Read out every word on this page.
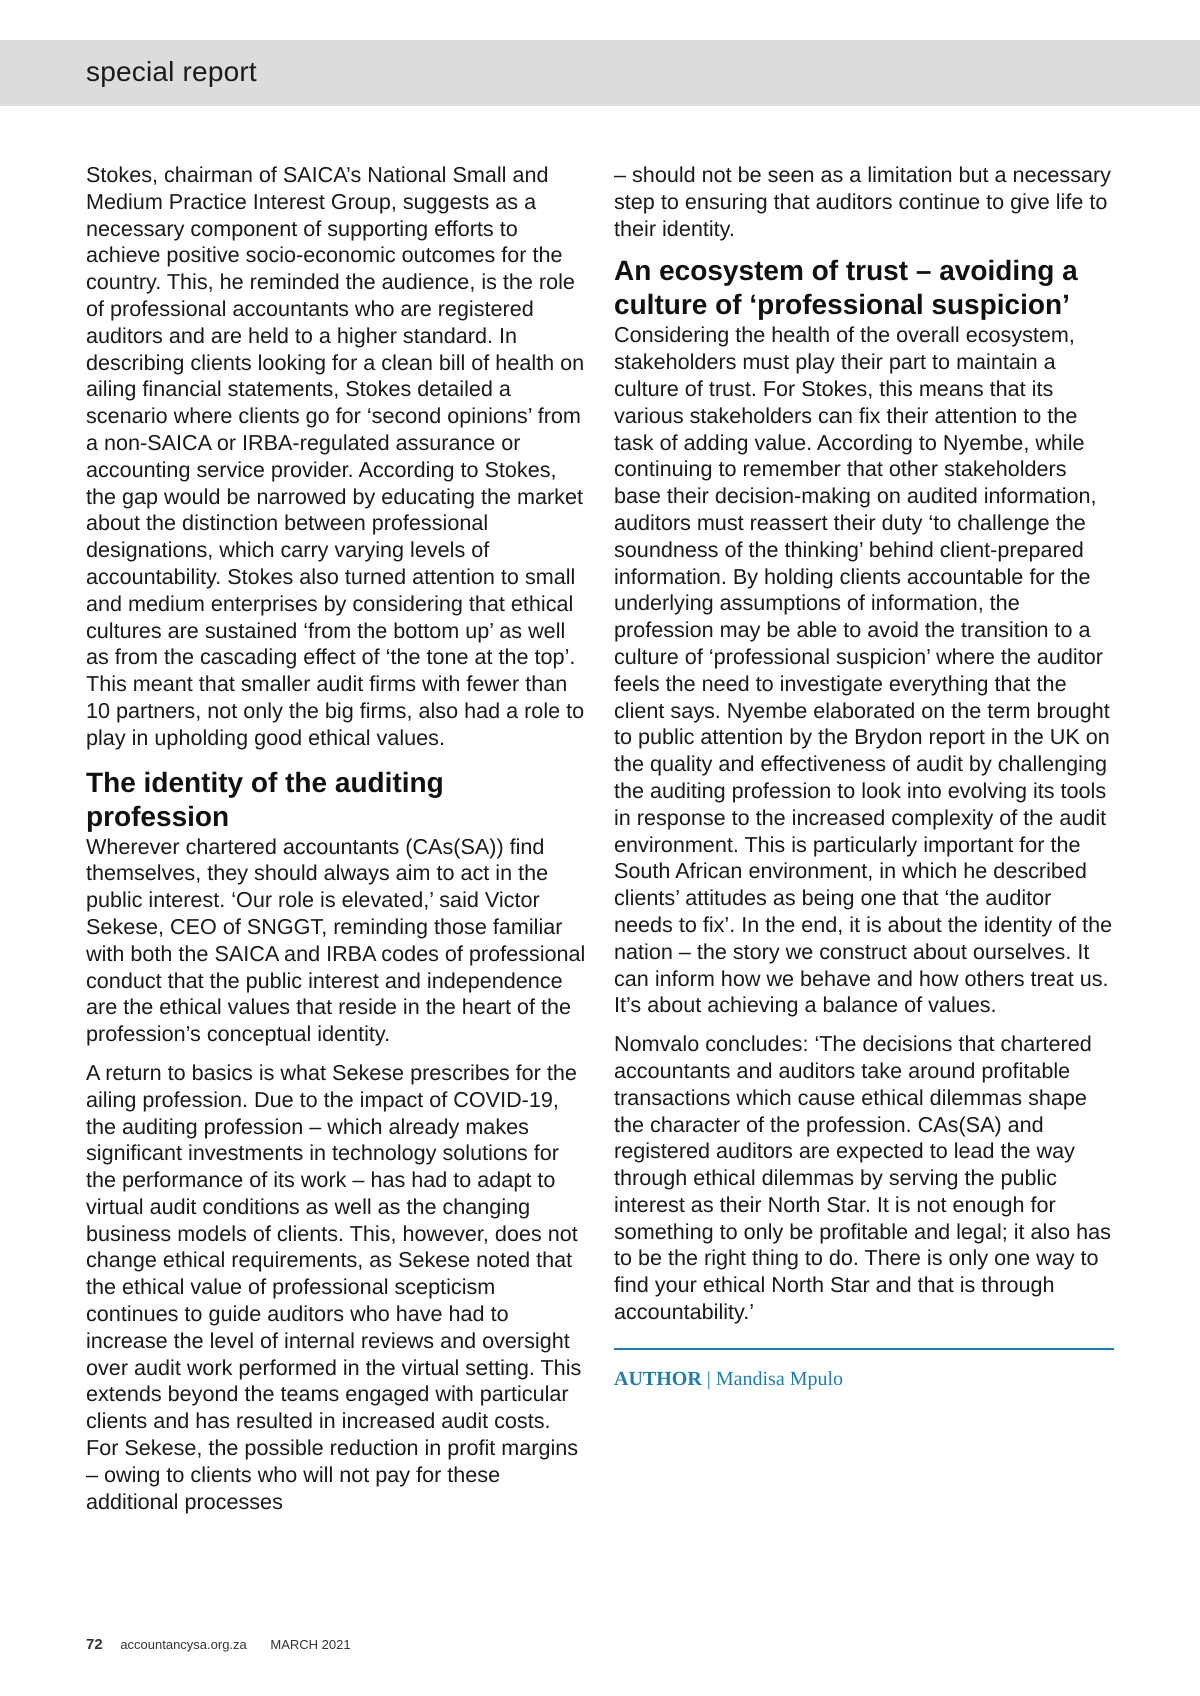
special report

Stokes, chairman of SAICA’s National Small and Medium Practice Interest Group, suggests as a necessary component of supporting efforts to achieve positive socio-economic outcomes for the country. This, he reminded the audience, is the role of professional accountants who are registered auditors and are held to a higher standard. In describing clients looking for a clean bill of health on ailing financial statements, Stokes detailed a scenario where clients go for ‘second opinions’ from a non-SAICA or IRBA-regulated assurance or accounting service provider. According to Stokes, the gap would be narrowed by educating the market about the distinction between professional designations, which carry varying levels of accountability. Stokes also turned attention to small and medium enterprises by considering that ethical cultures are sustained ‘from the bottom up’ as well as from the cascading effect of ‘the tone at the top’. This meant that smaller audit firms with fewer than 10 partners, not only the big firms, also had a role to play in upholding good ethical values.

The identity of the auditing profession

Wherever chartered accountants (CAs(SA)) find themselves, they should always aim to act in the public interest. ‘Our role is elevated,’ said Victor Sekese, CEO of SNGGT, reminding those familiar with both the SAICA and IRBA codes of professional conduct that the public interest and independence are the ethical values that reside in the heart of the profession’s conceptual identity.

A return to basics is what Sekese prescribes for the ailing profession. Due to the impact of COVID-19, the auditing profession – which already makes significant investments in technology solutions for the performance of its work – has had to adapt to virtual audit conditions as well as the changing business models of clients. This, however, does not change ethical requirements, as Sekese noted that the ethical value of professional scepticism continues to guide auditors who have had to increase the level of internal reviews and oversight over audit work performed in the virtual setting. This extends beyond the teams engaged with particular clients and has resulted in increased audit costs. For Sekese, the possible reduction in profit margins – owing to clients who will not pay for these additional processes

– should not be seen as a limitation but a necessary step to ensuring that auditors continue to give life to their identity.

An ecosystem of trust – avoiding a culture of ‘professional suspicion’

Considering the health of the overall ecosystem, stakeholders must play their part to maintain a culture of trust. For Stokes, this means that its various stakeholders can fix their attention to the task of adding value. According to Nyembe, while continuing to remember that other stakeholders base their decision-making on audited information, auditors must reassert their duty ‘to challenge the soundness of the thinking’ behind client-prepared information. By holding clients accountable for the underlying assumptions of information, the profession may be able to avoid the transition to a culture of ‘professional suspicion’ where the auditor feels the need to investigate everything that the client says. Nyembe elaborated on the term brought to public attention by the Brydon report in the UK on the quality and effectiveness of audit by challenging the auditing profession to look into evolving its tools in response to the increased complexity of the audit environment. This is particularly important for the South African environment, in which he described clients’ attitudes as being one that ‘the auditor needs to fix’. In the end, it is about the identity of the nation – the story we construct about ourselves. It can inform how we behave and how others treat us. It’s about achieving a balance of values.

Nomvalo concludes: ‘The decisions that chartered accountants and auditors take around profitable transactions which cause ethical dilemmas shape the character of the profession. CAs(SA) and registered auditors are expected to lead the way through ethical dilemmas by serving the public interest as their North Star. It is not enough for something to only be profitable and legal; it also has to be the right thing to do. There is only one way to find your ethical North Star and that is through accountability.’

AUTHOR | Mandisa Mpulo
72 accountancysa.org.za MARCH 2021
